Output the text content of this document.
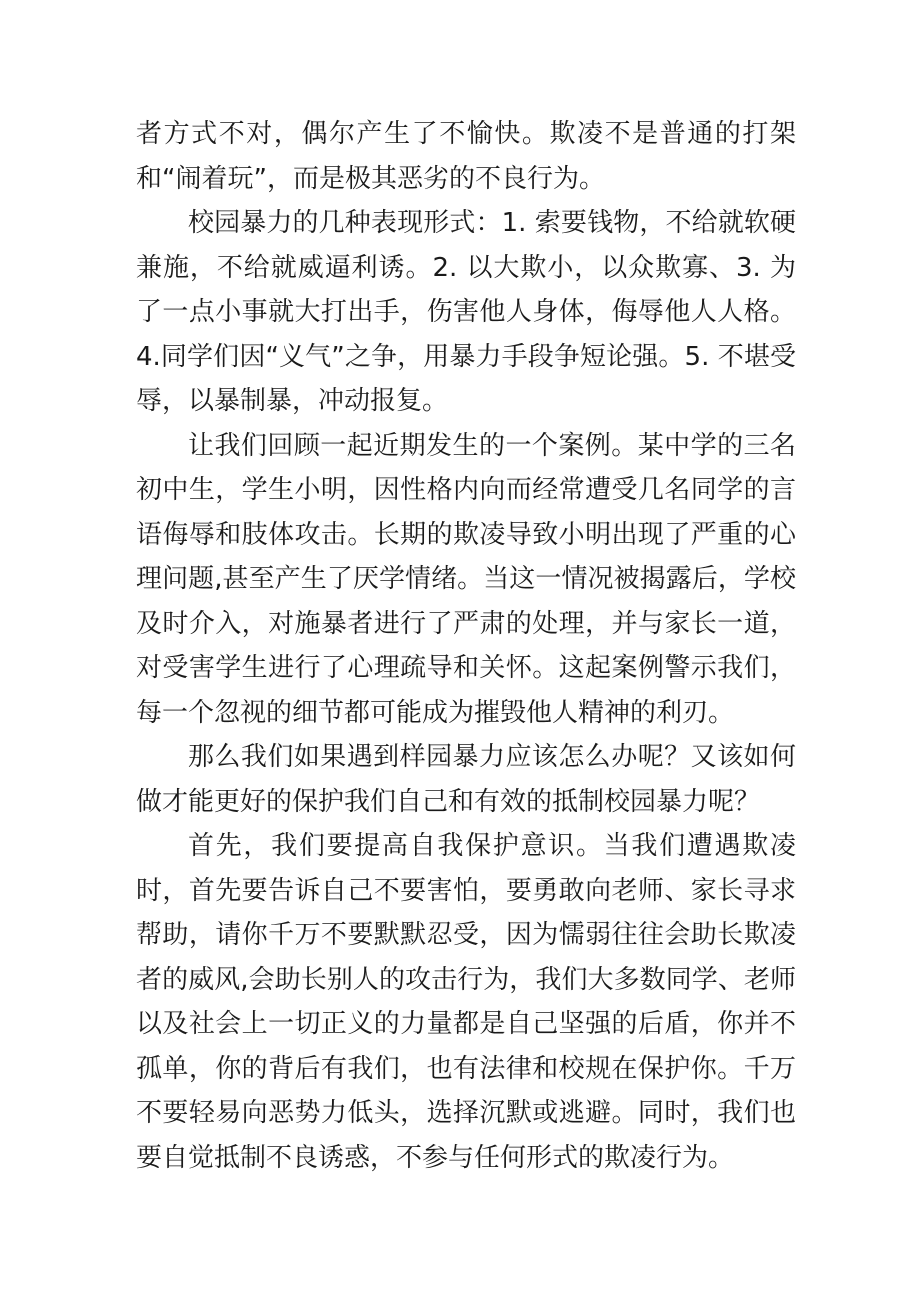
者方式不对，偶尔产生了不愉快。欺凌不是普通的打架和“闹着玩”，而是极其恶劣的不良行为。

校园暴力的几种表现形式：1. 索要钱物，不给就软硬兼施，不给就威逼利诱。2. 以大欺小，以众欺寡、3. 为了一点小事就大打出手，伤害他人身体，侮辱他人人格。4.同学们因“义气”之争，用暴力手段争短论强。5. 不堪受辱，以暴制暴，冲动报复。

让我们回顾一起近期发生的一个案例。某中学的三名初中生，学生小明，因性格内向而经常遭受几名同学的言语侮辱和肢体攻击。长期的欺凌导致小明出现了严重的心理问题,甚至产生了厌学情绪。当这一情况被揭露后，学校及时介入，对施暴者进行了严肃的处理，并与家长一道，对受害学生进行了心理疏导和关怀。这起案例警示我们，每一个忽视的细节都可能成为摧毁他人精神的利刃。

那么我们如果遇到样园暴力应该怎么办呢？又该如何做才能更好的保护我们自己和有效的抵制校园暴力呢？

首先，我们要提高自我保护意识。当我们遭遇欺凌时，首先要告诉自己不要害怕，要勇敢向老师、家长寻求帮助，请你千万不要默默忍受，因为懦弱往往会助长欺凌者的威风,会助长别人的攻击行为，我们大多数同学、老师以及社会上一切正义的力量都是自己坚强的后盾，你并不孤单，你的背后有我们，也有法律和校规在保护你。千万不要轻易向恶势力低头，选择沉默或逃避。同时，我们也要自觉抵制不良诱惑，不参与任何形式的欺凌行为。
